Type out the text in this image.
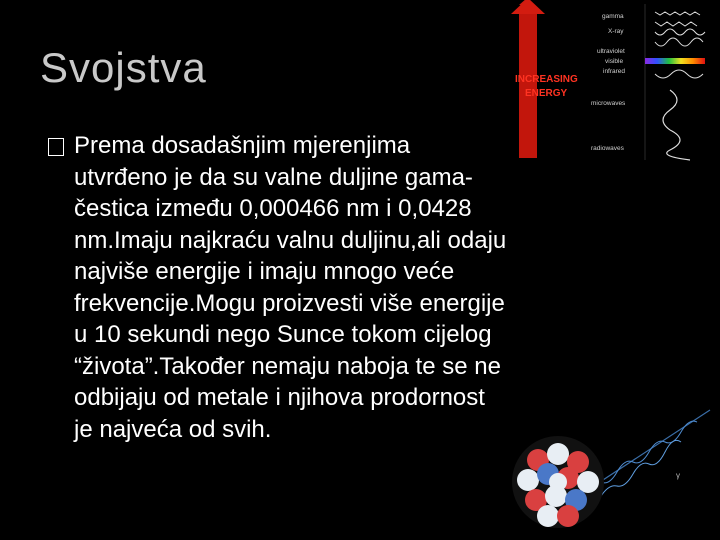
Svojstva	INCREASING
ENERGY
gamma
X-ray
ultraviolet
visible
infrared
microwaves
radiowaves

Prema dosadašnjim mjerenjima
utvrđeno je da su valne duljine gama-
čestica između 0,000466 nm i 0,0428
nm.Imaju najkraću valnu duljinu,ali odaju
najviše energije i imaju mnogo veće
frekvencije.Mogu proizvesti više energije
u 10 sekundi nego Sunce tokom cijelog
“života”.Također nemaju naboja te se ne
odbijaju od metale i njihova prodornost
je najveća od svih.

γ
